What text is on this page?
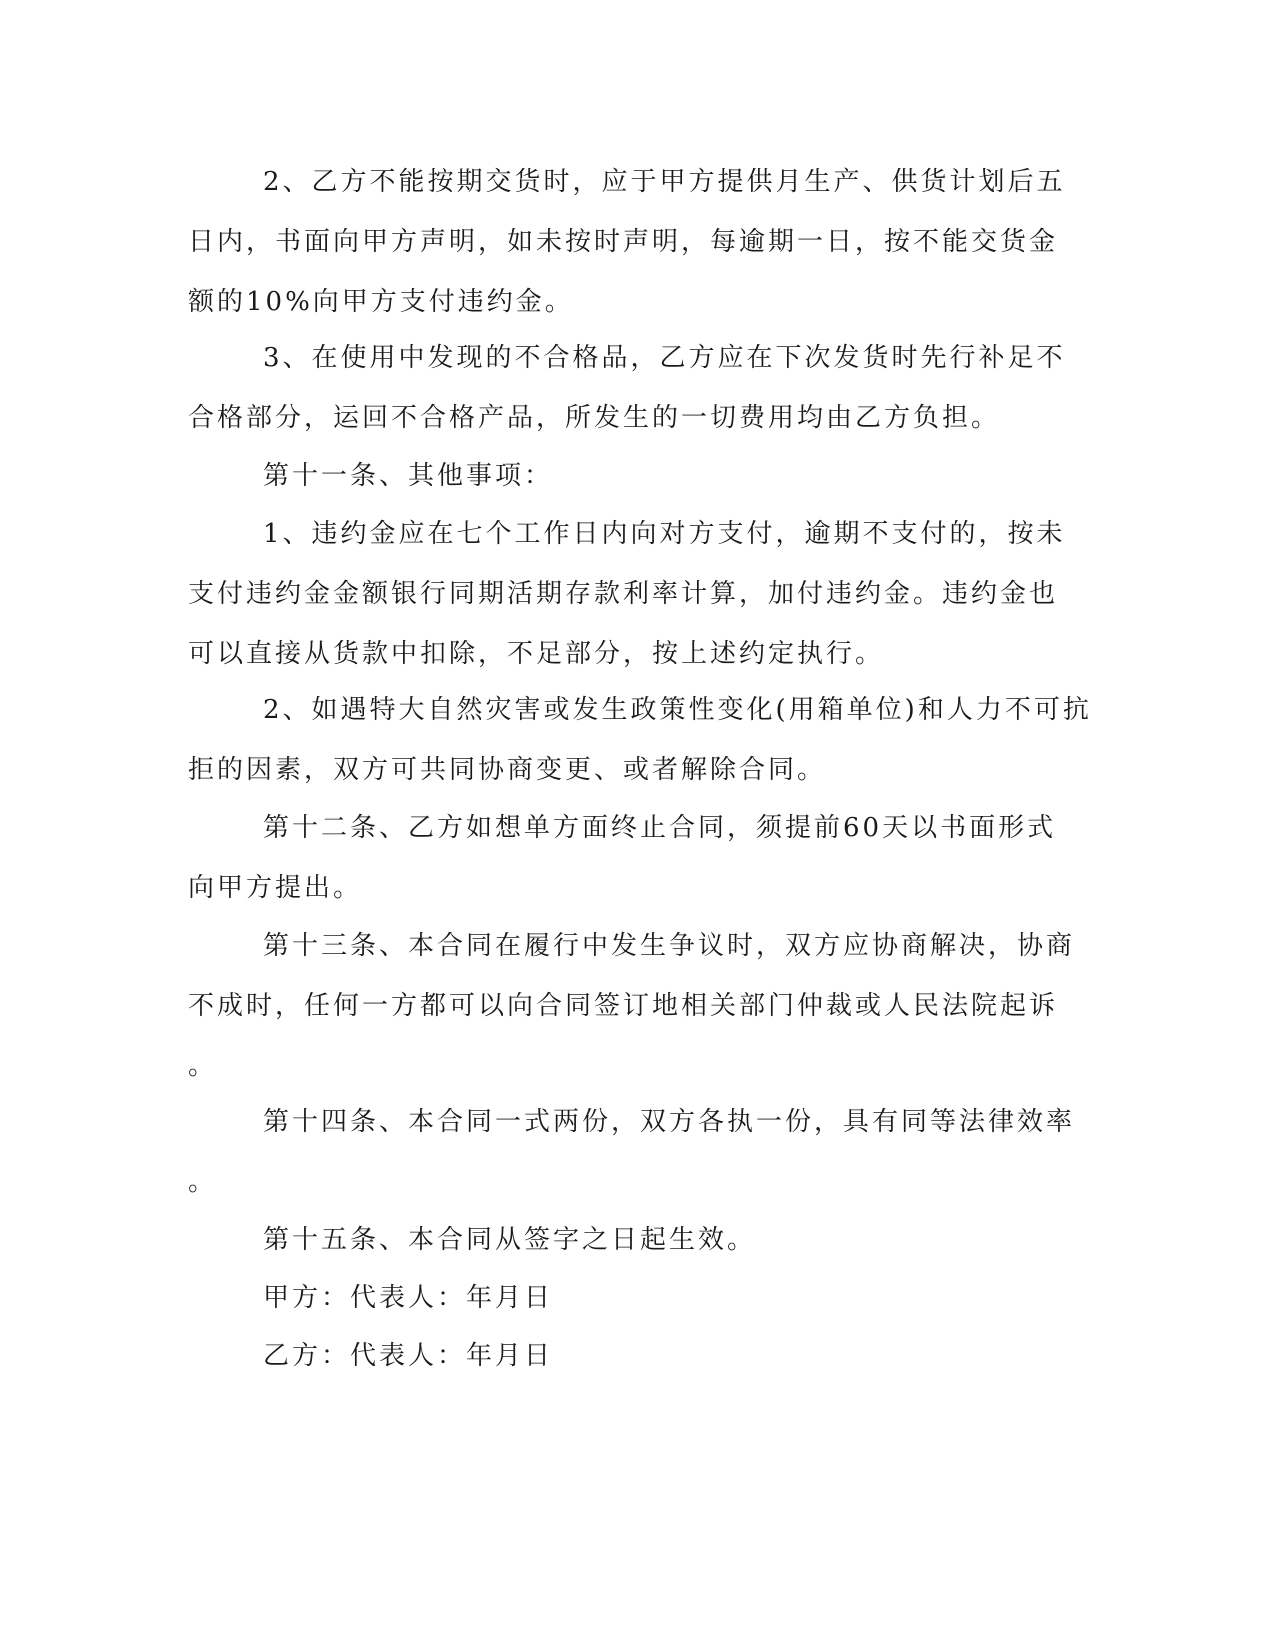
2、乙方不能按期交货时，应于甲方提供月生产、供货计划后五
日内，书面向甲方声明，如未按时声明，每逾期一日，按不能交货金
额的10%向甲方支付违约金。

3、在使用中发现的不合格品，乙方应在下次发货时先行补足不
合格部分，运回不合格产品，所发生的一切费用均由乙方负担。

第十一条、其他事项：

1、违约金应在七个工作日内向对方支付，逾期不支付的，按未
支付违约金金额银行同期活期存款利率计算，加付违约金。违约金也
可以直接从货款中扣除，不足部分，按上述约定执行。

2、如遇特大自然灾害或发生政策性变化(用箱单位)和人力不可抗
拒的因素，双方可共同协商变更、或者解除合同。

第十二条、乙方如想单方面终止合同，须提前60天以书面形式
向甲方提出。

第十三条、本合同在履行中发生争议时，双方应协商解决，协商
不成时，任何一方都可以向合同签订地相关部门仲裁或人民法院起诉
。

第十四条、本合同一式两份，双方各执一份，具有同等法律效率
。

第十五条、本合同从签字之日起生效。

甲方：代表人：年月日

乙方：代表人：年月日
